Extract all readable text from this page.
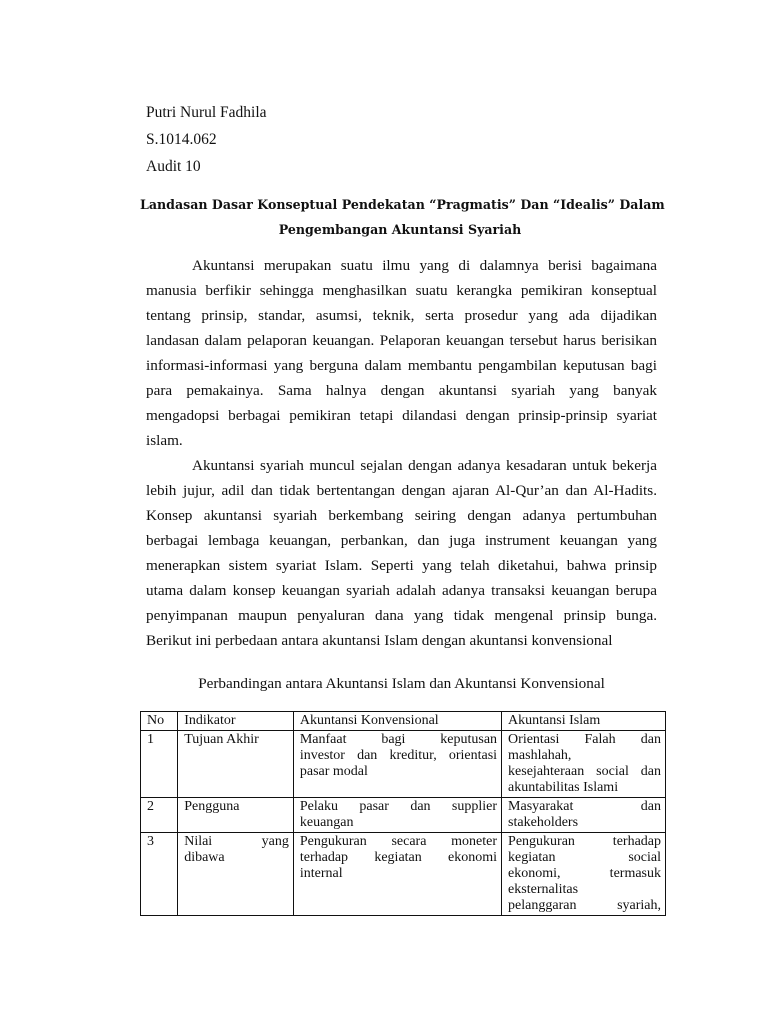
Putri Nurul Fadhila
S.1014.062
Audit 10
Landasan Dasar Konseptual Pendekatan “Pragmatis” Dan “Idealis” Dalam
Pengembangan Akuntansi Syariah
Akuntansi merupakan suatu ilmu yang di dalamnya berisi bagaimana
manusia berfikir sehingga menghasilkan suatu kerangka pemikiran konseptual
tentang prinsip, standar, asumsi, teknik, serta prosedur yang ada dijadikan
landasan dalam pelaporan keuangan. Pelaporan keuangan tersebut harus berisikan
informasi-informasi yang berguna dalam membantu pengambilan keputusan bagi
para pemakainya. Sama halnya dengan akuntansi syariah yang banyak
mengadopsi berbagai pemikiran tetapi dilandasi dengan prinsip-prinsip syariat
islam.
Akuntansi syariah muncul sejalan dengan adanya kesadaran untuk bekerja
lebih jujur, adil dan tidak bertentangan dengan ajaran Al-Qur’an dan Al-Hadits.
Konsep akuntansi syariah berkembang seiring dengan adanya pertumbuhan
berbagai lembaga keuangan, perbankan, dan juga instrument keuangan yang
menerapkan sistem syariat Islam. Seperti yang telah diketahui, bahwa prinsip
utama dalam konsep keuangan syariah adalah adanya transaksi keuangan berupa
penyimpanan maupun penyaluran dana yang tidak mengenal prinsip bunga.
Berikut ini perbedaan antara akuntansi Islam dengan akuntansi konvensional
Perbandingan antara Akuntansi Islam dan Akuntansi Konvensional
No	Indikator	Akuntansi Konvensional	Akuntansi Islam
1	Tujuan Akhir	Manfaat bagi keputusan
investor dan kreditur, orientasi
pasar modal	Orientasi Falah dan
mashlahah,
kesejahteraan social dan
akuntabilitas Islami

2	Pengguna	Pelaku pasar dan supplier
keuangan	Masyarakat dan
stakeholders

3	Nilai yang
dibawa	Pengukuran secara moneter
terhadap kegiatan ekonomi
internal	Pengukuran terhadap
kegiatan social
ekonomi, termasuk
eksternalitas
pelanggaran syariah,
